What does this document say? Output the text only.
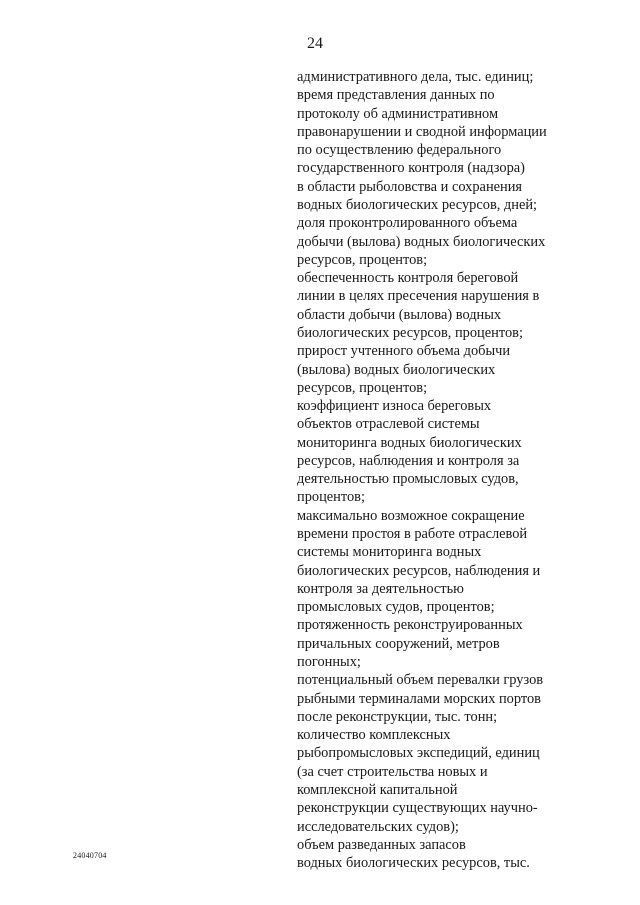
24
административного дела, тыс. единиц;
время представления данных по
протоколу об административном
правонарушении и сводной информации
по осуществлению федерального
государственного контроля (надзора)
в области рыболовства и сохранения
водных биологических ресурсов, дней;
доля проконтролированного объема
добычи (вылова) водных биологических
ресурсов, процентов;
обеспеченность контроля береговой
линии в целях пресечения нарушения в
области добычи (вылова) водных
биологических ресурсов, процентов;
прирост учтенного объема добычи
(вылова) водных биологических
ресурсов, процентов;
коэффициент износа береговых
объектов отраслевой системы
мониторинга водных биологических
ресурсов, наблюдения и контроля за
деятельностью промысловых судов,
процентов;
максимально возможное сокращение
времени простоя в работе отраслевой
системы мониторинга водных
биологических ресурсов, наблюдения и
контроля за деятельностью
промысловых судов, процентов;
протяженность реконструированных
причальных сооружений, метров
погонных;
потенциальный объем перевалки грузов
рыбными терминалами морских портов
после реконструкции, тыс. тонн;
количество комплексных
рыбопромысловых экспедиций, единиц
(за счет строительства новых и
комплексной капитальной
реконструкции существующих научно-
исследовательских судов);
объем разведанных запасов
водных биологических ресурсов, тыс.
24040704
